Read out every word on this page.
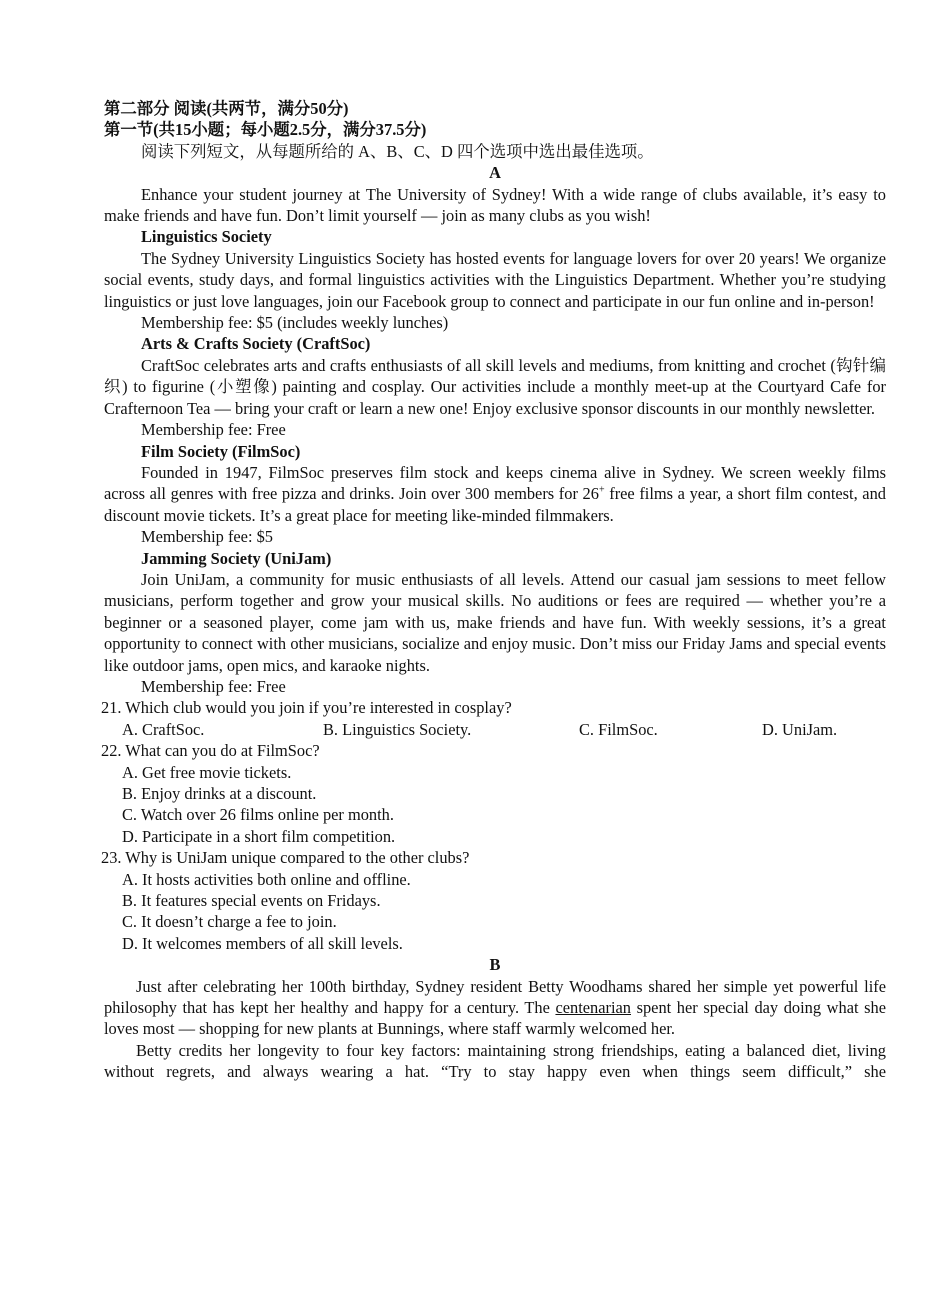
第二部分 阅读(共两节，满分50分)
第一节(共15小题；每小题2.5分，满分37.5分)
阅读下列短文，从每题所给的 A、B、C、D 四个选项中选出最佳选项。
A
Enhance your student journey at The University of Sydney! With a wide range of clubs available, it’s easy to make friends and have fun. Don’t limit yourself — join as many clubs as you wish!
Linguistics Society
The Sydney University Linguistics Society has hosted events for language lovers for over 20 years! We organize social events, study days, and formal linguistics activities with the Linguistics Department. Whether you’re studying linguistics or just love languages, join our Facebook group to connect and participate in our fun online and in-person!
Membership fee: $5 (includes weekly lunches)
Arts & Crafts Society (CraftSoc)
CraftSoc celebrates arts and crafts enthusiasts of all skill levels and mediums, from knitting and crochet (钩针编织) to figurine (小塑像) painting and cosplay. Our activities include a monthly meet-up at the Courtyard Cafe for Crafternoon Tea — bring your craft or learn a new one! Enjoy exclusive sponsor discounts in our monthly newsletter.
Membership fee: Free
Film Society (FilmSoc)
Founded in 1947, FilmSoc preserves film stock and keeps cinema alive in Sydney. We screen weekly films across all genres with free pizza and drinks. Join over 300 members for 26+ free films a year, a short film contest, and discount movie tickets. It’s a great place for meeting like-minded filmmakers.
Membership fee: $5
Jamming Society (UniJam)
Join UniJam, a community for music enthusiasts of all levels. Attend our casual jam sessions to meet fellow musicians, perform together and grow your musical skills. No auditions or fees are required — whether you’re a beginner or a seasoned player, come jam with us, make friends and have fun. With weekly sessions, it’s a great opportunity to connect with other musicians, socialize and enjoy music. Don’t miss our Friday Jams and special events like outdoor jams, open mics, and karaoke nights.
Membership fee: Free
21. Which club would you join if you’re interested in cosplay?
A. CraftSoc.	B. Linguistics Society.	C. FilmSoc.	D. UniJam.
22. What can you do at FilmSoc?
A. Get free movie tickets.
B. Enjoy drinks at a discount.
C. Watch over 26 films online per month.
D. Participate in a short film competition.
23. Why is UniJam unique compared to the other clubs?
A. It hosts activities both online and offline.
B. It features special events on Fridays.
C. It doesn’t charge a fee to join.
D. It welcomes members of all skill levels.
B
Just after celebrating her 100th birthday, Sydney resident Betty Woodhams shared her simple yet powerful life philosophy that has kept her healthy and happy for a century. The centenarian spent her special day doing what she loves most — shopping for new plants at Bunnings, where staff warmly welcomed her.
Betty credits her longevity to four key factors: maintaining strong friendships, eating a balanced diet, living without regrets, and always wearing a hat. “Try to stay happy even when things seem difficult,” she
